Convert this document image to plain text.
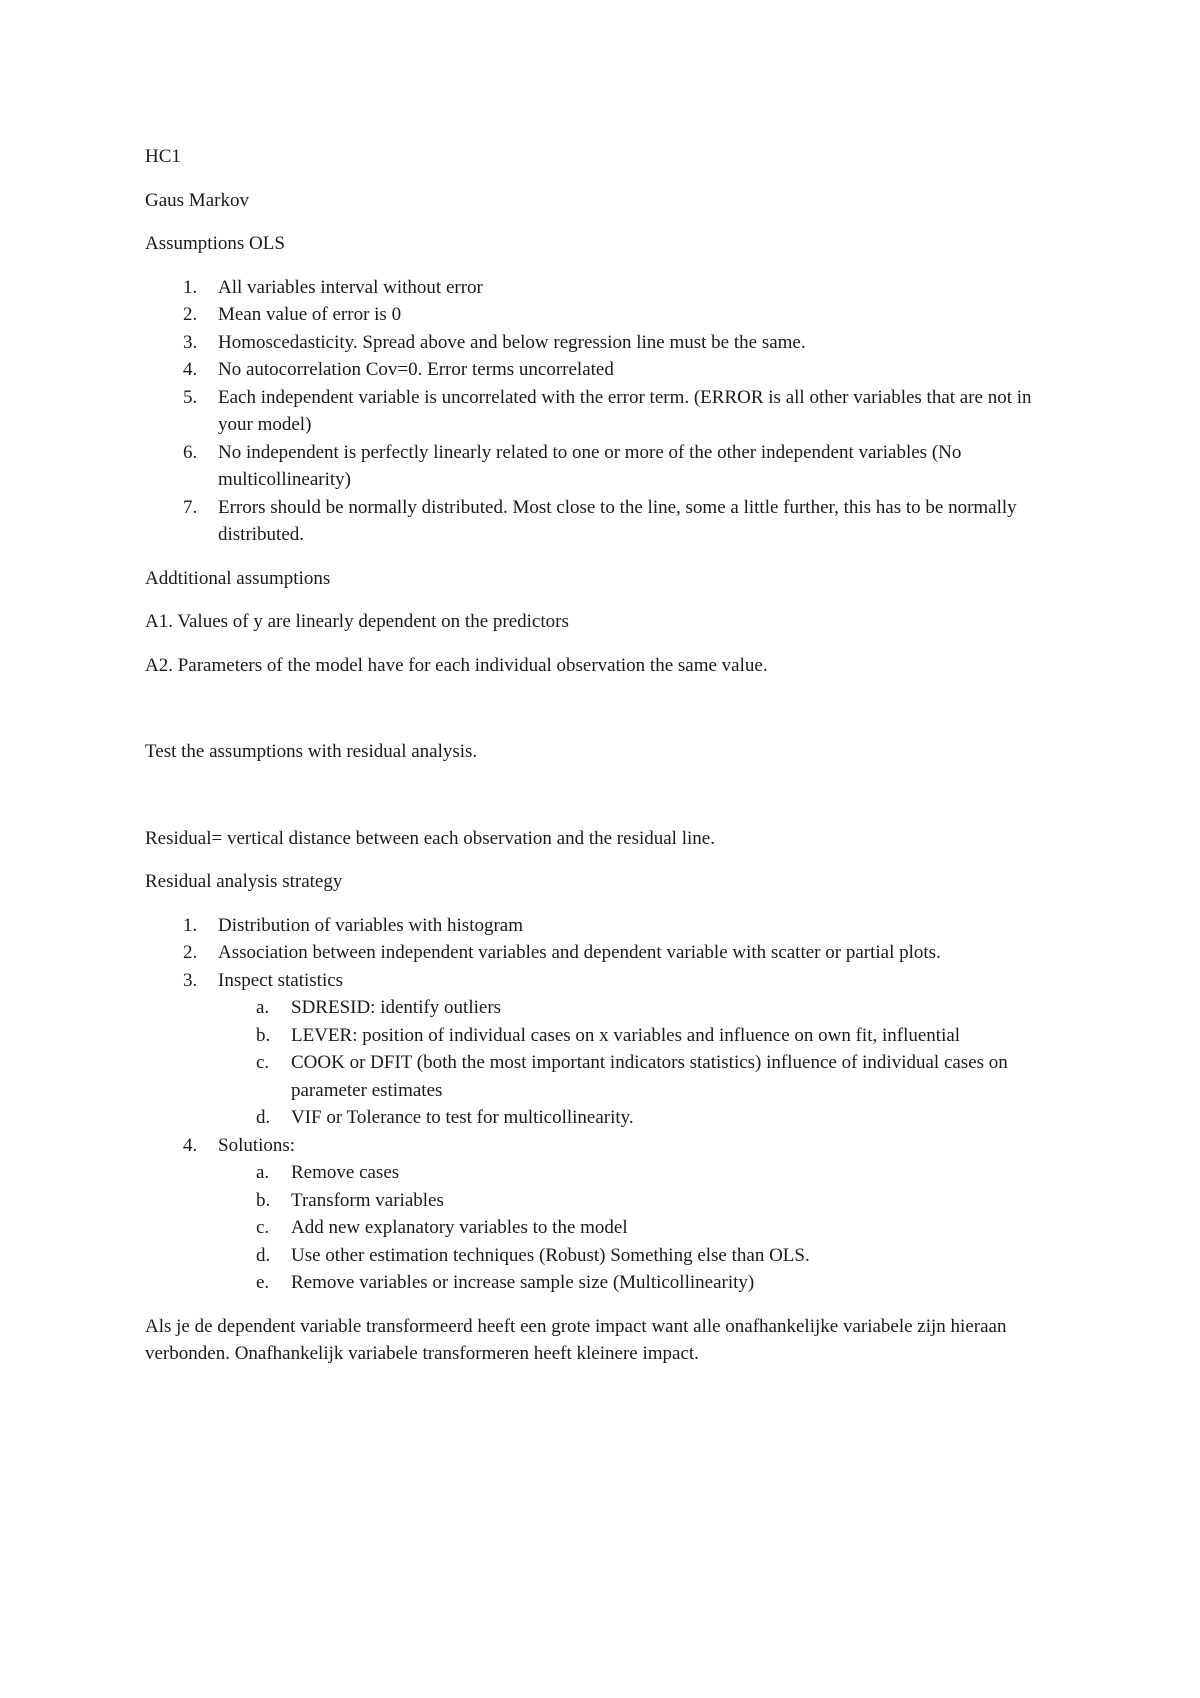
HC1

Gaus Markov

Assumptions OLS

1.	All variables interval without error
2.	Mean value of error is 0
3.	Homoscedasticity. Spread above and below regression line must be the same.
4.	No autocorrelation Cov=0. Error terms uncorrelated
5.	Each independent variable is uncorrelated with the error term. (ERROR is all other variables that are not in your model)
6.	No independent is perfectly linearly related to one or more of the other independent variables (No multicollinearity)
7.	Errors should be normally distributed. Most close to the line, some a little further, this has to be normally distributed.

Addtitional assumptions

A1. Values of y are linearly dependent on the predictors

A2. Parameters of the model have for each individual observation the same value.

Test the assumptions with residual analysis.

Residual= vertical distance between each observation and the residual line.

Residual analysis strategy

1.	Distribution of variables with histogram
2.	Association between independent variables and dependent variable with scatter or partial plots.
3.	Inspect statistics
a.	SDRESID: identify outliers
b.	LEVER: position of individual cases on x variables and influence on own fit, influential
c.	COOK or DFIT (both the most important indicators statistics) influence of individual cases on parameter estimates
d.	VIF or Tolerance to test for multicollinearity.
4.	Solutions:
a.	Remove cases
b.	Transform variables
c.	Add new explanatory variables to the model
d.	Use other estimation techniques (Robust) Something else than OLS.
e.	Remove variables or increase sample size (Multicollinearity)

Als je de dependent variable transformeerd heeft een grote impact want alle onafhankelijke variabele zijn hieraan verbonden. Onafhankelijk variabele transformeren heeft kleinere impact.
